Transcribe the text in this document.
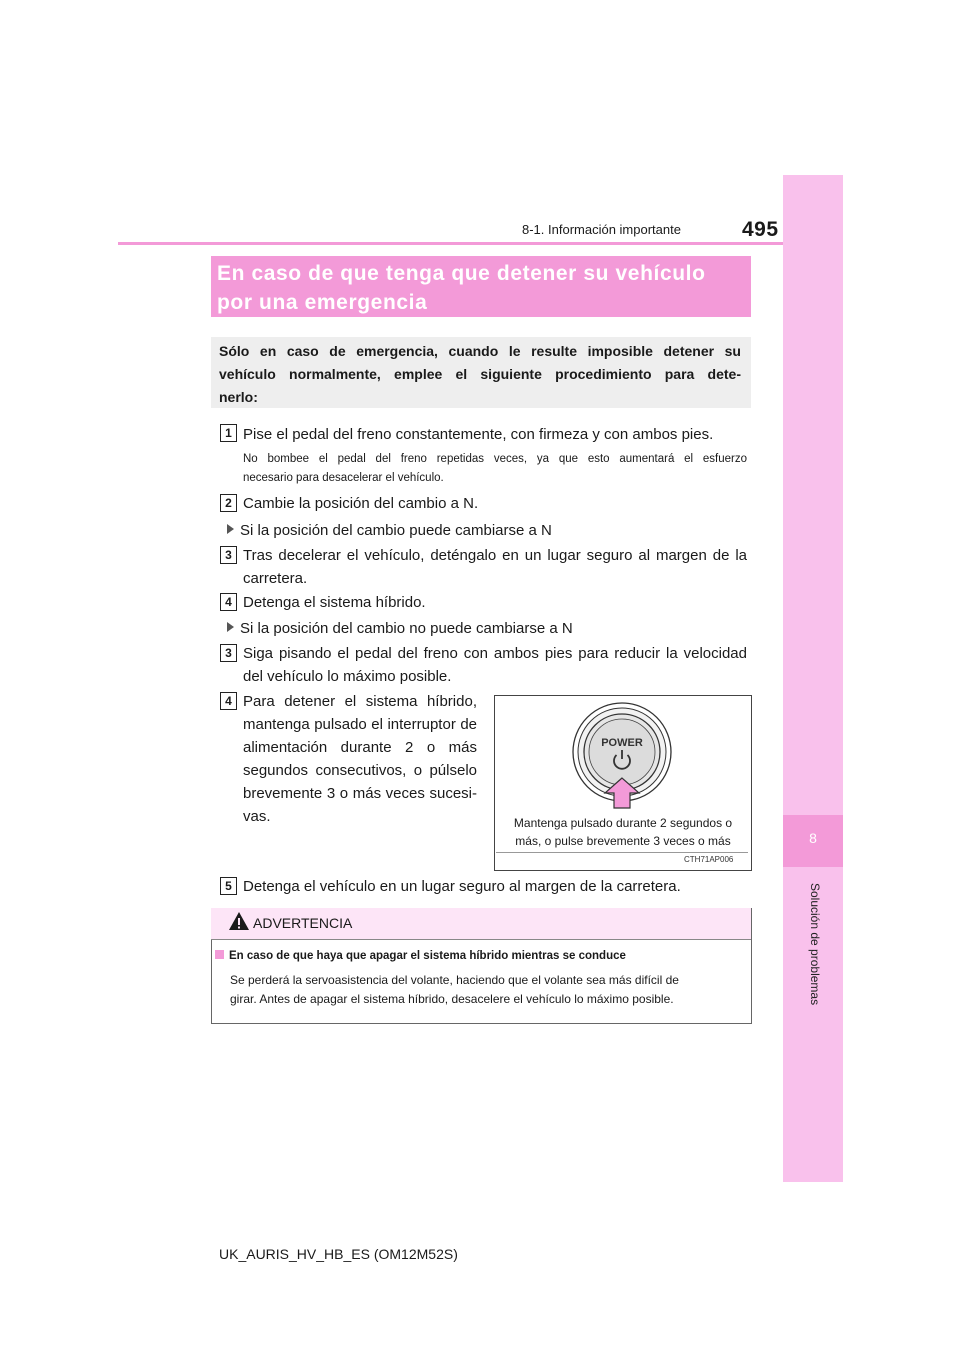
8-1. Información importante	495
8
Solución de problemas
En caso de que tenga que detener su vehículo
por una emergencia
Sólo en caso de emergencia, cuando le resulte imposible detener su
vehículo normalmente, emplee el siguiente procedimiento para dete-
nerlo:
1 Pise el pedal del freno constantemente, con firmeza y con ambos pies.
No bombee el pedal del freno repetidas veces, ya que esto aumentará el esfuerzo
necesario para desacelerar el vehículo.
2 Cambie la posición del cambio a N.
Si la posición del cambio puede cambiarse a N
3 Tras decelerar el vehículo, deténgalo en un lugar seguro al margen de la
carretera.
4 Detenga el sistema híbrido.
Si la posición del cambio no puede cambiarse a N
3 Siga pisando el pedal del freno con ambos pies para reducir la velocidad
del vehículo lo máximo posible.
4 Para detener el sistema híbrido,
mantenga pulsado el interruptor de
alimentación durante 2 o más
segundos consecutivos, o púlselo
brevemente 3 o más veces sucesi-
vas.
POWER
Mantenga pulsado durante 2 segundos o
más, o pulse brevemente 3 veces o más
CTH71AP006
5 Detenga el vehículo en un lugar seguro al margen de la carretera.
ADVERTENCIA
En caso de que haya que apagar el sistema híbrido mientras se conduce
Se perderá la servoasistencia del volante, haciendo que el volante sea más difícil de
girar. Antes de apagar el sistema híbrido, desacelere el vehículo lo máximo posible.
UK_AURIS_HV_HB_ES (OM12M52S)
